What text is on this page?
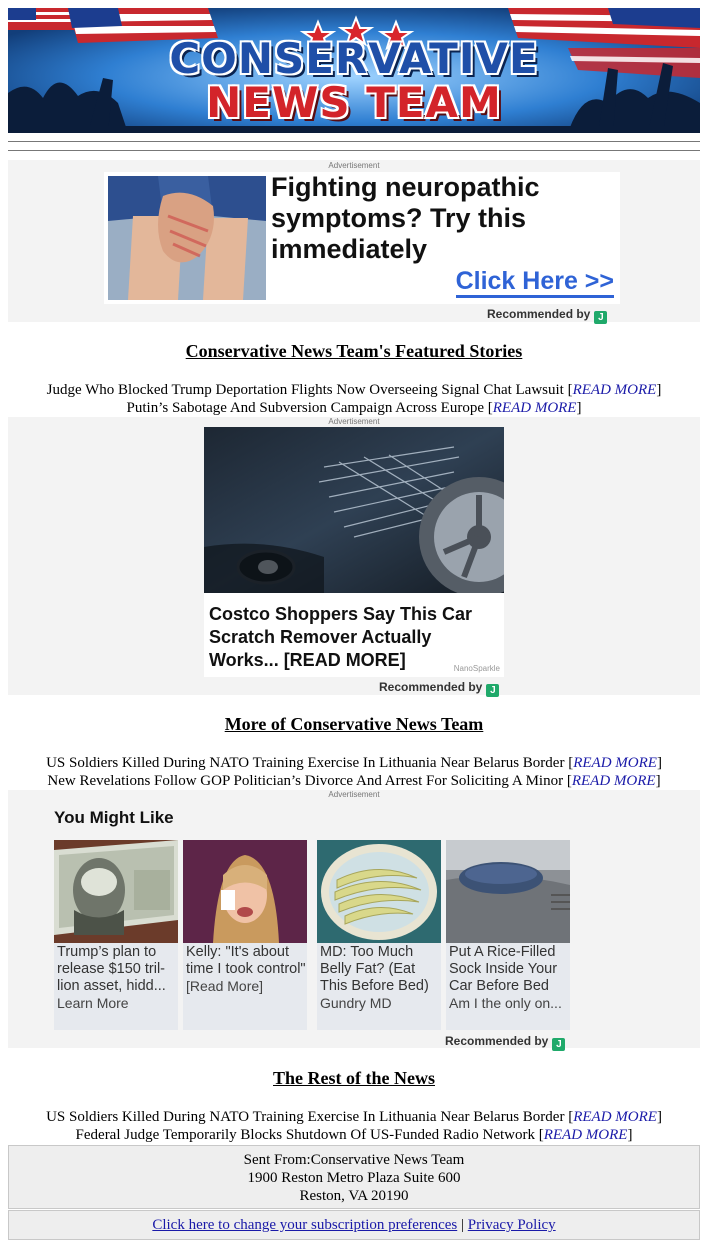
CONSERVATIVE
NEWS TEAM
Advertisement
Fighting neuropathic symptoms? Try this immediately
Click Here >>
Recommended by J
Conservative News Team's Featured Stories
Judge Who Blocked Trump Deportation Flights Now Overseeing Signal Chat Lawsuit [READ MORE]
Putin’s Sabotage And Subversion Campaign Across Europe [READ MORE]
Advertisement
Costco Shoppers Say This Car Scratch Remover Actually Works... [READ MORE]	NanoSparkle
Recommended by J
More of Conservative News Team
US Soldiers Killed During NATO Training Exercise In Lithuania Near Belarus Border [READ MORE]
New Revelations Follow GOP Politician’s Divorce And Arrest For Soliciting A Minor [READ MORE]
Advertisement
You Might Like
Trump’s plan to release $150 tril-lion asset, hidd...
Learn More
Kelly: "It's about time I took control"
[Read More]
MD: Too Much Belly Fat? (Eat This Before Bed)
Gundry MD
Put A Rice-Filled Sock Inside Your Car Before Bed
Am I the only on...
Recommended by J
The Rest of the News
US Soldiers Killed During NATO Training Exercise In Lithuania Near Belarus Border [READ MORE]
Federal Judge Temporarily Blocks Shutdown Of US-Funded Radio Network [READ MORE]
Sent From:Conservative News Team
1900 Reston Metro Plaza Suite 600
Reston, VA 20190
Click here to change your subscription preferences | Privacy Policy
